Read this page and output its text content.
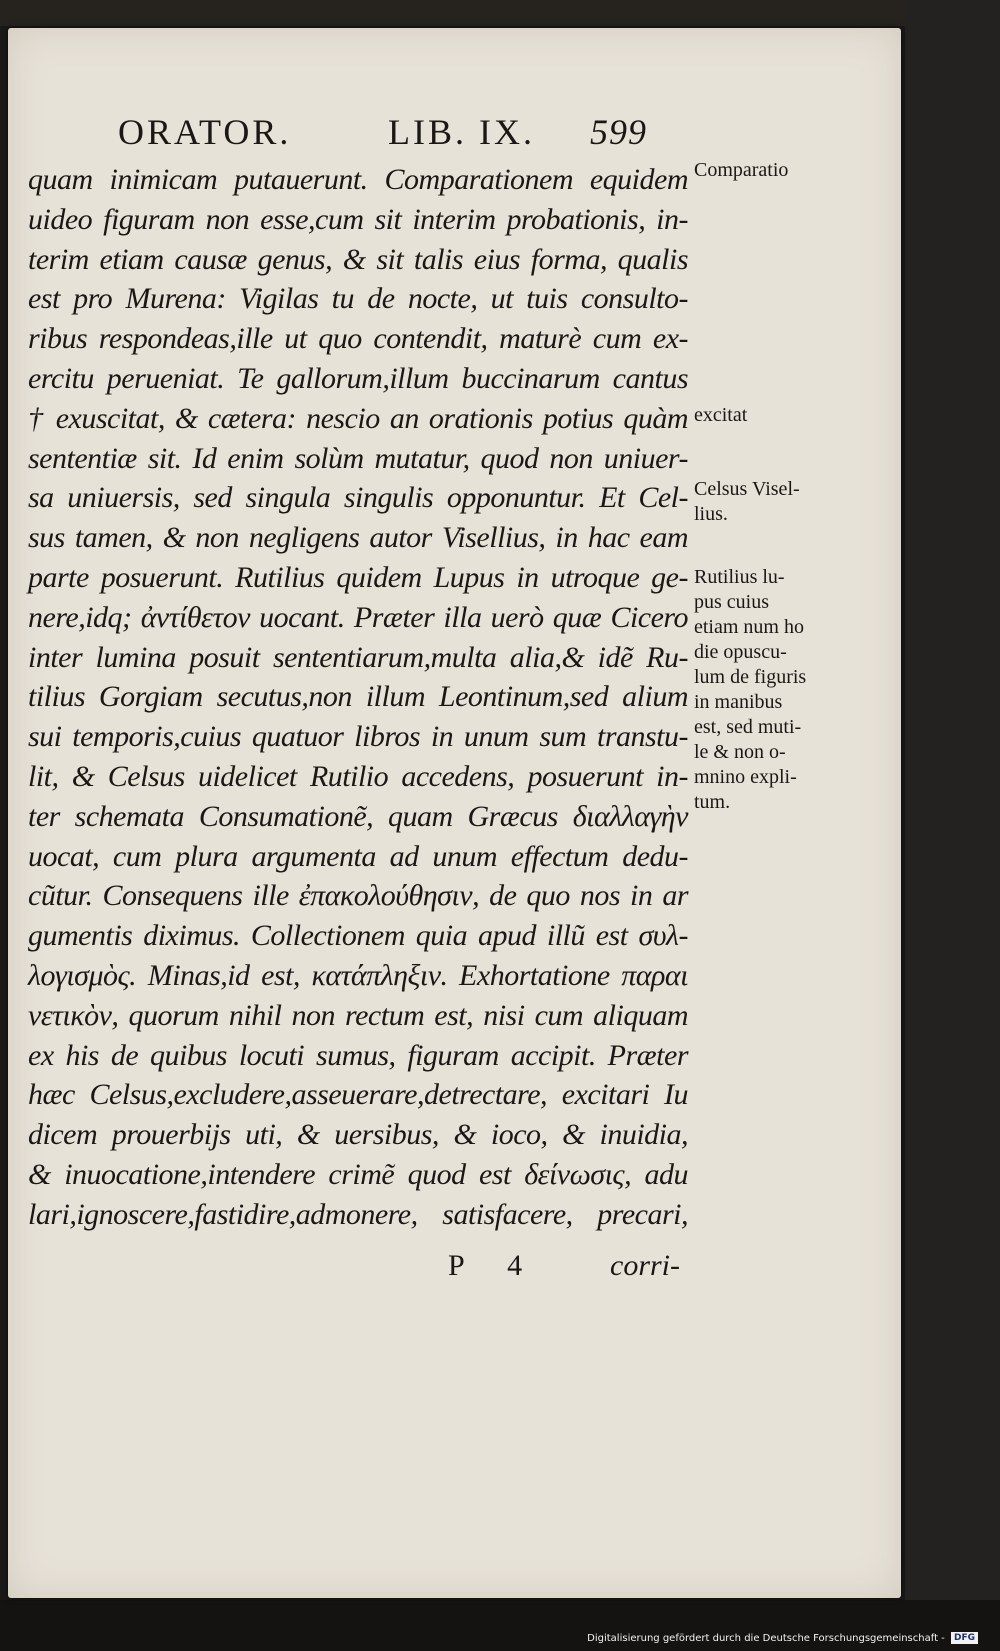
ORATOR.	LIB. IX. 599
quam inimicam putauerunt. Comparationem equidem
uideo figuram non esse,cum sit interim probationis, in-
terim etiam causæ genus, & sit talis eius forma, qualis
est pro Murena: Vigilas tu de nocte, ut tuis consulto-
ribus respondeas,ille ut quo contendit, maturè cum ex-
ercitu perueniat. Te gallorum,illum buccinarum cantus
† exuscitat, & cætera: nescio an orationis potius quàm
sententiæ sit. Id enim solùm mutatur, quod non uniuer-
sa uniuersis, sed singula singulis opponuntur. Et Cel-
sus tamen, & non negligens autor Visellius, in hac eam
parte posuerunt. Rutilius quidem Lupus in utroque ge-
nere,idq; ἀντίθετον uocant. Præter illa uerò quæ Cicero
inter lumina posuit sententiarum,multa alia,& idẽ Ru-
tilius Gorgiam secutus,non illum Leontinum,sed alium
sui temporis,cuius quatuor libros in unum sum transtu-
lit, & Celsus uidelicet Rutilio accedens, posuerunt in-
ter schemata Consumationẽ, quam Græcus διαλλαγὴν
uocat, cum plura argumenta ad unum effectum dedu-
cũtur. Consequens ille ἐπακολούθησιν, de quo nos in ar
gumentis diximus. Collectionem quia apud illũ est συλ-
λογισμὸς. Minas,id est, κατάπληξιν. Exhortatione παραι
νετικὸν, quorum nihil non rectum est, nisi cum aliquam
ex his de quibus locuti sumus, figuram accipit. Præter
hæc Celsus,excludere,asseuerare,detrectare, excitari Iu
dicem prouerbijs uti, & uersibus, & ioco, & inuidia,
& inuocatione,intendere crimẽ quod est δείνωσις, adu
lari,ignoscere,fastidire,admonere, satisfacere, precari,

Comparatio

excitat

Celsus Visel-
lius.

Rutilius lu-
pus cuius
etiam num ho
die opuscu-
lum de figuris
in manibus
est, sed muti-
le & non o-
mnino expli-
tum.

P 4 corri-
Digitalisierung gefördert durch die Deutsche Forschungsgemeinschaft - DFG
